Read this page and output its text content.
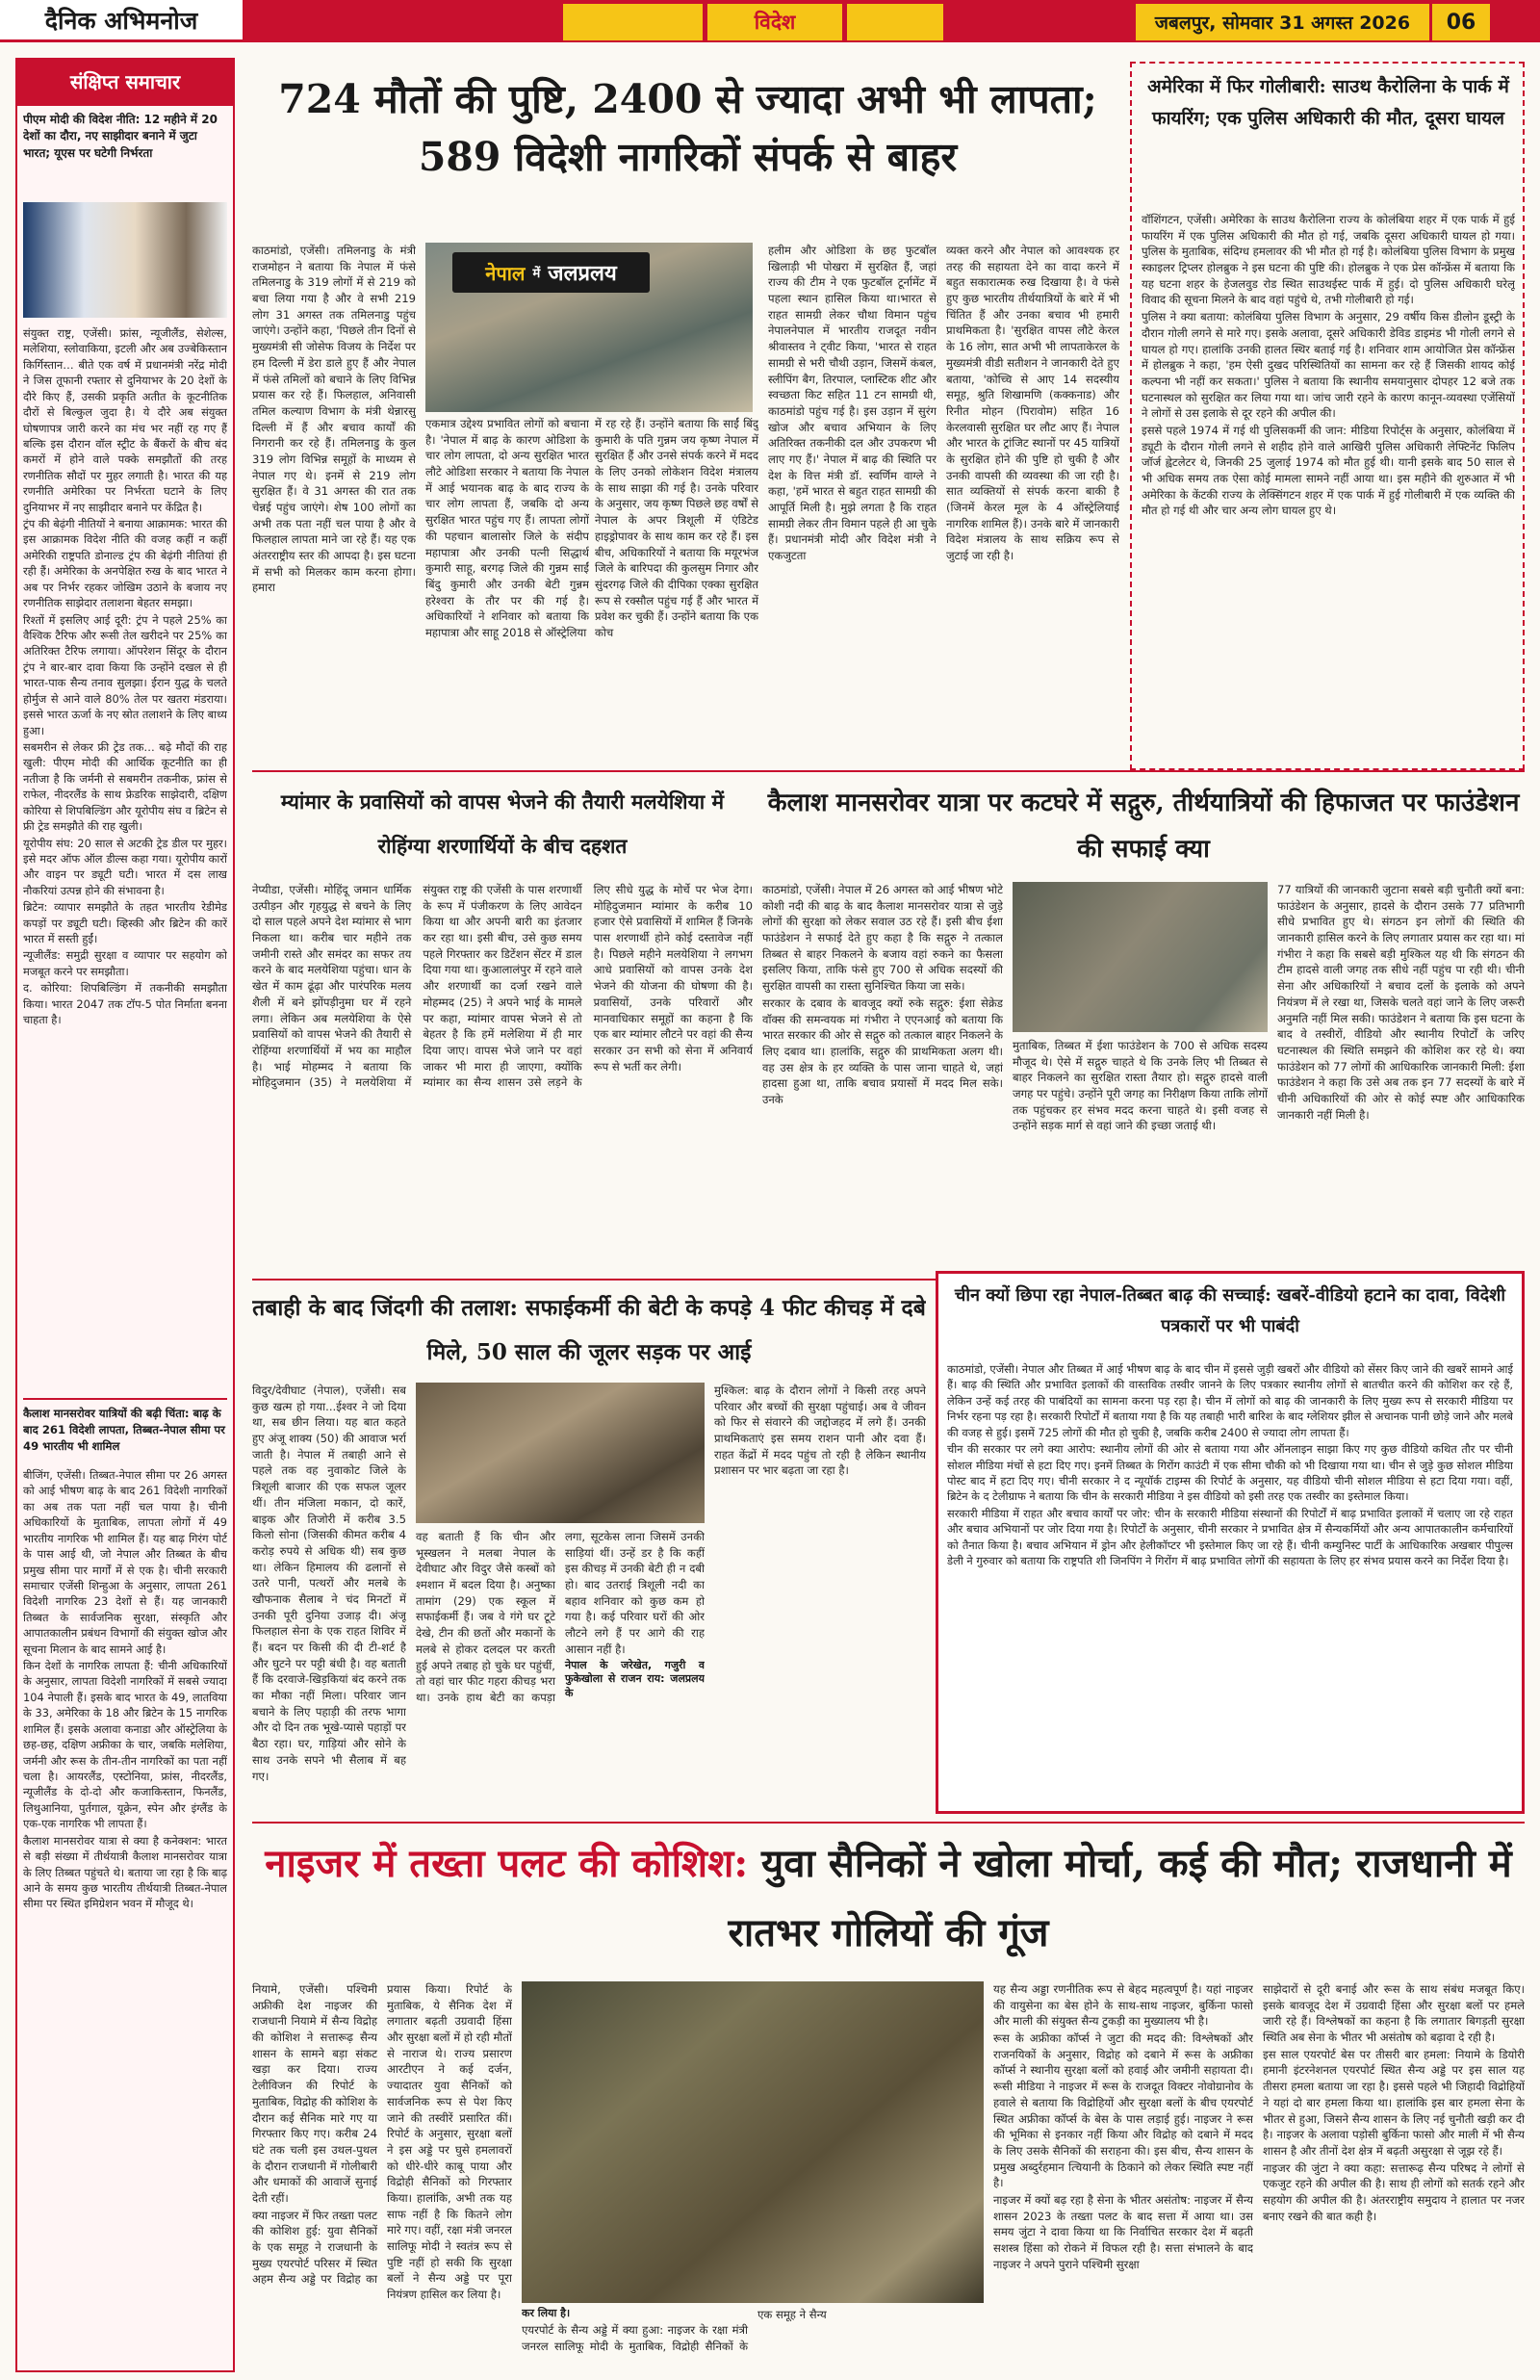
दैनिक अभिमनोज	विदेश	जबलपुर, सोमवार 31 अगस्त 2026 06
संक्षिप्त समाचार
पीएम मोदी की विदेश नीति: 12 महीने में 20 देशों का दौरा, नए साझीदार बनाने में जुटा भारत; यूएस पर घटेगी निर्भरता

संयुक्त राष्ट्र, एजेंसी। फ्रांस, न्यूजीलैंड, सेशेल्स, मलेशिया, स्लोवाकिया, इटली और अब उज्बेकिस्तान किर्गिस्तान… बीते एक वर्ष में प्रधानमंत्री नरेंद्र मोदी ने जिस तूफानी रफ्तार से दुनियाभर के 20 देशों के दौरे किए हैं, उसकी प्रकृति अतीत के कूटनीतिक दौरों से बिल्कुल जुदा है। ये दौरे अब संयुक्त घोषणापत्र जारी करने का मंच भर नहीं रह गए हैं बल्कि इस दौरान वॉल स्ट्रीट के बैंकरों के बीच बंद कमरों में होने वाले पक्के समझौतों की तरह रणनीतिक सौदों पर मुहर लगाती है। भारत की यह रणनीति अमेरिका पर निर्भरता घटाने के लिए दुनियाभर में नए साझीदार बनाने पर केंद्रित है।

ट्रंप की बेढ़ंगी नीतियों ने बनाया आक्रामक: भारत की इस आक्रामक विदेश नीति की वजह कहीं न कहीं अमेरिकी राष्ट्रपति डोनाल्ड ट्रंप की बेढ़ंगी नीतियां ही रही हैं। अमेरिका के अनपेक्षित रुख के बाद भारत ने अब पर निर्भर रहकर जोखिम उठाने के बजाय नए रणनीतिक साझेदार तलाशना बेहतर समझा।

रिश्तों में इसलिए आई दूरी: ट्रंप ने पहले 25% का वैश्विक टैरिफ और रूसी तेल खरीदने पर 25% का अतिरिक्त टैरिफ लगाया। ऑपरेशन सिंदूर के दौरान ट्रंप ने बार-बार दावा किया कि उन्होंने दखल से ही भारत-पाक सैन्य तनाव सुलझा। ईरान युद्ध के चलते होर्मुज से आने वाले 80% तेल पर खतरा मंडराया। इससे भारत ऊर्जा के नए स्रोत तलाशने के लिए बाध्य हुआ।

सबमरीन से लेकर फ्री ट्रेड तक… बढ़े मौदों की राह खुली: पीएम मोदी की आर्थिक कूटनीति का ही नतीजा है कि जर्मनी से सबमरीन तकनीक, फ्रांस से राफेल, नीदरलैंड के साथ फ्रेडरिक साझेदारी, दक्षिण कोरिया से शिपबिल्डिंग और यूरोपीय संघ व ब्रिटेन से फ्री ट्रेड समझौते की राह खुली।

यूरोपीय संघ: 20 साल से अटकी ट्रेड डील पर मुहर। इसे मदर ऑफ ऑल डील्स कहा गया। यूरोपीय कारों और वाइन पर ड्यूटी घटी। भारत में दस लाख नौकरियां उत्पन्न होने की संभावना है।

ब्रिटेन: व्यापार समझौते के तहत भारतीय रेडीमेड कपड़ों पर ड्यूटी घटी। व्हिस्की और ब्रिटेन की कारें भारत में सस्ती हुईं।

न्यूजीलैंड: समुद्री सुरक्षा व व्यापार पर सहयोग को मजबूत करने पर समझौता।

द. कोरिया: शिपबिल्डिंग में तकनीकी समझौता किया। भारत 2047 तक टॉप-5 पोत निर्माता बनना चाहता है।

कैलाश मानसरोवर यात्रियों की बढ़ी चिंता: बाढ़ के बाद 261 विदेशी लापता, तिब्बत-नेपाल सीमा पर 49 भारतीय भी शामिल

बीजिंग, एजेंसी। तिब्बत-नेपाल सीमा पर 26 अगस्त को आई भीषण बाढ़ के बाद 261 विदेशी नागरिकों का अब तक पता नहीं चल पाया है। चीनी अधिकारियों के मुताबिक, लापता लोगों में 49 भारतीय नागरिक भी शामिल हैं। यह बाढ़ गिरंग पोर्ट के पास आई थी, जो नेपाल और तिब्बत के बीच प्रमुख सीमा पार मार्गों में से एक है। चीनी सरकारी समाचार एजेंसी शिन्हुआ के अनुसार, लापता 261 विदेशी नागरिक 23 देशों से हैं। यह जानकारी तिब्बत के सार्वजनिक सुरक्षा, संस्कृति और आपातकालीन प्रबंधन विभागों की संयुक्त खोज और सूचना मिलान के बाद सामने आई है।

किन देशों के नागरिक लापता हैं: चीनी अधिकारियों के अनुसार, लापता विदेशी नागरिकों में सबसे ज्यादा 104 नेपाली हैं। इसके बाद भारत के 49, लातविया के 33, अमेरिका के 18 और ब्रिटेन के 15 नागरिक शामिल हैं। इसके अलावा कनाडा और ऑस्ट्रेलिया के छह-छह, दक्षिण अफ्रीका के चार, जबकि मलेशिया, जर्मनी और रूस के तीन-तीन नागरिकों का पता नहीं चला है। आयरलैंड, एस्टोनिया, फ्रांस, नीदरलैंड, न्यूजीलैंड के दो-दो और कजाकिस्तान, फिनलैंड, लिथुआनिया, पुर्तगाल, यूक्रेन, स्पेन और इंग्लैंड के एक-एक नागरिक भी लापता हैं।

कैलाश मानसरोवर यात्रा से क्या है कनेक्शन: भारत से बड़ी संख्या में तीर्थयात्री कैलाश मानसरोवर यात्रा के लिए तिब्बत पहुंचते थे। बताया जा रहा है कि बाढ़ आने के समय कुछ भारतीय तीर्थयात्री तिब्बत-नेपाल सीमा पर स्थित इमिग्रेशन भवन में मौजूद थे।

724 मौतों की पुष्टि, 2400 से ज्यादा अभी भी लापता; 589 विदेशी नागरिकों संपर्क से बाहर
काठमांडो, एजेंसी। तमिलनाडु के मंत्री राजमोहन ने बताया कि नेपाल में फंसे तमिलनाडु के 319 लोगों में से 219 को बचा लिया गया है और वे सभी 219 लोग 31 अगस्त तक तमिलनाडु पहुंच जाएंगे। उन्होंने कहा, 'पिछले तीन दिनों से मुख्यमंत्री सी जोसेफ विजय के निर्देश पर हम दिल्ली में डेरा डाले हुए हैं और नेपाल में फंसे तमिलों को बचाने के लिए विभिन्न प्रयास कर रहे हैं। फिलहाल, अनिवासी तमिल कल्याण विभाग के मंत्री थेन्नारसु दिल्ली में हैं और बचाव कार्यों की निगरानी कर रहे हैं। तमिलनाडु के कुल 319 लोग विभिन्न समूहों के माध्यम से नेपाल गए थे। इनमें से 219 लोग सुरक्षित हैं। वे 31 अगस्त की रात तक चेन्नई पहुंच जाएंगे। शेष 100 लोगों का अभी तक पता नहीं चल पाया है और वे फिलहाल लापता माने जा रहे हैं। यह एक अंतरराष्ट्रीय स्तर की आपदा है। इस घटना में सभी को मिलकर काम करना होगा। हमारा
नेपाल में जलप्रलय
एकमात्र उद्देश्य प्रभावित लोगों को बचाना है। 'नेपाल में बाढ़ के कारण ओडिशा के चार लोग लापता, दो अन्य सुरक्षित भारत लौटे ओडिशा सरकार ने बताया कि नेपाल में आई भयानक बाढ़ के बाद राज्य के चार लोग लापता हैं, जबकि दो अन्य सुरक्षित भारत पहुंच गए हैं। लापता लोगों की पहचान बालासोर जिले के संदीप महापात्रा और उनकी पत्नी सिद्धार्थ कुमारी साहू, बरगढ़ जिले की गुन्नम साईं बिंदु कुमारी और उनकी बेटी गुन्नम हरेश्वरा के तौर पर की गई है। अधिकारियों ने शनिवार को बताया कि महापात्रा और साहू 2018 से ऑस्ट्रेलिया
में रह रहे हैं। उन्होंने बताया कि साईं बिंदु कुमारी के पति गुन्नम जय कृष्ण नेपाल में सुरक्षित हैं और उनसे संपर्क करने में मदद के लिए उनको लोकेशन विदेश मंत्रालय के साथ साझा की गई है। उनके परिवार के अनुसार, जय कृष्ण पिछले छह वर्षों से नेपाल के अपर त्रिशूली में एंडिटेड हाइड्रोपावर के साथ काम कर रहे हैं। इस बीच, अधिकारियों ने बताया कि मयूरभंज जिले के बारिपदा की कुलसुम निगार और सुंदरगढ़ जिले की दीपिका एक्का सुरक्षित रूप से रक्सौल पहुंच गई हैं और भारत में प्रवेश कर चुकी हैं। उन्होंने बताया कि एक कोच
हलीम और ओडिशा के छह फुटबॉल खिलाड़ी भी पोखरा में सुरक्षित हैं, जहां राज्य की टीम ने एक फुटबॉल टूर्नामेंट में पहला स्थान हासिल किया था।भारत से राहत सामग्री लेकर चौथा विमान पहुंच नेपालनेपाल में भारतीय राजदूत नवीन श्रीवास्तव ने ट्वीट किया, 'भारत से राहत सामग्री से भरी चौथी उड़ान, जिसमें कंबल, स्लीपिंग बैग, तिरपाल, प्लास्टिक शीट और स्वच्छता किट सहित 11 टन सामग्री थी, काठमांडो पहुंच गई है। इस उड़ान में सुरंग खोज और बचाव अभियान के लिए अतिरिक्त तकनीकी दल और उपकरण भी लाए गए हैं।' नेपाल में बाढ़ की स्थिति पर देश के वित्त मंत्री डॉ. स्वर्णिम वाग्ले ने कहा, 'हमें भारत से बहुत राहत सामग्री की आपूर्ति मिली है। मुझे लगता है कि राहत सामग्री लेकर तीन विमान पहले ही आ चुके हैं। प्रधानमंत्री मोदी और विदेश मंत्री ने एकजुटता
व्यक्त करने और नेपाल को आवश्यक हर तरह की सहायता देने का वादा करने में बहुत सकारात्मक रुख दिखाया है। वे फंसे हुए कुछ भारतीय तीर्थयात्रियों के बारे में भी चिंतित हैं और उनका बचाव भी हमारी प्राथमिकता है। 'सुरक्षित वापस लौटे केरल के 16 लोग, सात अभी भी लापताकेरल के मुख्यमंत्री वीडी सतीशन ने जानकारी देते हुए बताया, 'कोच्चि से आए 14 सदस्यीय समूह, श्रुति शिखामणि (कक्कनाड) और रिनीत मोहन (पिरावोम) सहित 16 केरलवासी सुरक्षित घर लौट आए हैं। नेपाल और भारत के ट्रांजिट स्थानों पर 45 यात्रियों के सुरक्षित होने की पुष्टि हो चुकी है और उनकी वापसी की व्यवस्था की जा रही है। सात व्यक्तियों से संपर्क करना बाकी है (जिनमें केरल मूल के 4 ऑस्ट्रेलियाई नागरिक शामिल हैं)। उनके बारे में जानकारी विदेश मंत्रालय के साथ सक्रिय रूप से जुटाई जा रही है।
अमेरिका में फिर गोलीबारी: साउथ कैरोलिना के पार्क में फायरिंग; एक पुलिस अधिकारी की मौत, दूसरा घायल

वॉशिंगटन, एजेंसी। अमेरिका के साउथ कैरोलिना राज्य के कोलंबिया शहर में एक पार्क में हुई फायरिंग में एक पुलिस अधिकारी की मौत हो गई, जबकि दूसरा अधिकारी घायल हो गया। पुलिस के मुताबिक, संदिग्ध हमलावर की भी मौत हो गई है। कोलंबिया पुलिस विभाग के प्रमुख स्काइलर ट्रिप्लर होलब्रुक ने इस घटना की पुष्टि की। होलब्रुक ने एक प्रेस कॉन्फ्रेंस में बताया कि यह घटना शहर के हेजलवुड रोड स्थित साउथईस्ट पार्क में हुई। दो पुलिस अधिकारी घरेलू विवाद की सूचना मिलने के बाद वहां पहुंचे थे, तभी गोलीबारी हो गई।

पुलिस ने क्या बताया: कोलंबिया पुलिस विभाग के अनुसार, 29 वर्षीय किस डीलोन डूस्ट्री के दौरान गोली लगने से मारे गए। इसके अलावा, दूसरे अधिकारी डेविड डाइमंड भी गोली लगने से घायल हो गए। हालांकि उनकी हालत स्थिर बताई गई है। शनिवार शाम आयोजित प्रेस कॉन्फ्रेंस में होलब्रुक ने कहा, 'हम ऐसी दुखद परिस्थितियों का सामना कर रहे हैं जिसकी शायद कोई कल्पना भी नहीं कर सकता।' पुलिस ने बताया कि स्थानीय समयानुसार दोपहर 12 बजे तक घटनास्थल को सुरक्षित कर लिया गया था। जांच जारी रहने के कारण कानून-व्यवस्था एजेंसियों ने लोगों से उस इलाके से दूर रहने की अपील की।

इससे पहले 1974 में गई थी पुलिसकर्मी की जान: मीडिया रिपोर्ट्स के अनुसार, कोलंबिया में ड्यूटी के दौरान गोली लगने से शहीद होने वाले आखिरी पुलिस अधिकारी लेफ्टिनेंट फिलिप जॉर्ज ह्वेटलेटर थे, जिनकी 25 जुलाई 1974 को मौत हुई थी। यानी इसके बाद 50 साल से भी अधिक समय तक ऐसा कोई मामला सामने नहीं आया था। इस महीने की शुरुआत में भी अमेरिका के केंटकी राज्य के लेक्सिंगटन शहर में एक पार्क में हुई गोलीबारी में एक व्यक्ति की मौत हो गई थी और चार अन्य लोग घायल हुए थे।

म्यांमार के प्रवासियों को वापस भेजने की तैयारी मलयेशिया में रोहिंग्या शरणार्थियों के बीच दहशत
नेप्यीडा, एजेंसी। मोहिंदू जमान धार्मिक उत्पीड़न और गृहयुद्ध से बचने के लिए दो साल पहले अपने देश म्यांमार से भाग निकला था। करीब चार महीने तक जमीनी रास्ते और समंदर का सफर तय करने के बाद मलयेशिया पहुंचा। धान के खेत में काम ढूंढ़ा और पारंपरिक मलय शैली में बने झोंपड़ीनुमा घर में रहने लगा। लेकिन अब मलयेशिया के ऐसे प्रवासियों को वापस भेजने की तैयारी से रोहिंग्या शरणार्थियों में भय का माहौल है। भाई मोहम्मद ने बताया कि मोहिदुजमान (35) ने मलयेशिया में संयुक्त राष्ट्र की एजेंसी के पास शरणार्थी के रूप में पंजीकरण के लिए आवेदन किया था और अपनी बारी का इंतजार कर रहा था। इसी बीच, उसे कुछ समय पहले गिरफ्तार कर डिटेंशन सेंटर में डाल दिया गया था। कुआलालंपुर में रहने वाले और शरणार्थी का दर्जा रखने वाले मोहम्मद (25) ने अपने भाई के मामले पर कहा, म्यांमार वापस भेजने से तो बेहतर है कि हमें मलेशिया में ही मार दिया जाए। वापस भेजे जाने पर वहां जाकर भी मारा ही जाएगा, क्योंकि म्यांमार का सैन्य शासन उसे लड़ने के लिए सीधे युद्ध के मोर्चे पर भेज देगा। मोहिदुजमान म्यांमार के करीब 10 हजार ऐसे प्रवासियों में शामिल हैं जिनके पास शरणार्थी होने कोई दस्तावेज नहीं है। पिछले महीने मलयेशिया ने लगभग आधे प्रवासियों को वापस उनके देश भेजने की योजना की घोषणा की है। प्रवासियों, उनके परिवारों और मानवाधिकार समूहों का कहना है कि एक बार म्यांमार लौटने पर वहां की सैन्य सरकार उन सभी को सेना में अनिवार्य रूप से भर्ती कर लेगी।
कैलाश मानसरोवर यात्रा पर कटघरे में सद्गुरु, तीर्थयात्रियों की हिफाजत पर फाउंडेशन की सफाई क्या

काठमांडो, एजेंसी। नेपाल में 26 अगस्त को आई भीषण भोटे कोशी नदी की बाढ़ के बाद कैलाश मानसरोवर यात्रा से जुड़े लोगों की सुरक्षा को लेकर सवाल उठ रहे हैं। इसी बीच ईशा फाउंडेशन ने सफाई देते हुए कहा है कि सद्गुरु ने तत्काल तिब्बत से बाहर निकलने के बजाय वहां रुकने का फैसला इसलिए किया, ताकि फंसे हुए 700 से अधिक सदस्यों की सुरक्षित वापसी का रास्ता सुनिश्चित किया जा सके।

सरकार के दबाव के बावजूद क्यों रुके सद्गुरु: ईशा सेक्रेड वॉक्स की समन्वयक मां गंभीरा ने एएनआई को बताया कि भारत सरकार की ओर से सद्गुरु को तत्काल बाहर निकलने के लिए दबाव था। हालांकि, सद्गुरु की प्राथमिकता अलग थी। वह उस क्षेत्र के हर व्यक्ति के पास जाना चाहते थे, जहां हादसा हुआ था, ताकि बचाव प्रयासों में मदद मिल सके। उनके

मुताबिक, तिब्बत में ईशा फाउंडेशन के 700 से अधिक सदस्य मौजूद थे। ऐसे में सद्गुरु चाहते थे कि उनके लिए भी तिब्बत से बाहर निकलने का सुरक्षित रास्ता तैयार हो। सद्गुरु हादसे वाली जगह पर पहुंचे। उन्होंने पूरी जगह का निरीक्षण किया ताकि लोगों तक पहुंचकर हर संभव मदद करना चाहते थे। इसी वजह से उन्होंने सड़क मार्ग से वहां जाने की इच्छा जताई थी।
77 यात्रियों की जानकारी जुटाना सबसे बड़ी चुनौती क्यों बना: फाउंडेशन के अनुसार, हादसे के दौरान उसके 77 प्रतिभागी सीधे प्रभावित हुए थे। संगठन इन लोगों की स्थिति की जानकारी हासिल करने के लिए लगातार प्रयास कर रहा था। मां गंभीरा ने कहा कि सबसे बड़ी मुश्किल यह थी कि संगठन की टीम हादसे वाली जगह तक सीधे नहीं पहुंच पा रही थी। चीनी सेना और अधिकारियों ने बचाव दलों के इलाके को अपने नियंत्रण में ले रखा था, जिसके चलते वहां जाने के लिए जरूरी अनुमति नहीं मिल सकी। फाउंडेशन ने बताया कि इस घटना के बाद वे तस्वीरों, वीडियो और स्थानीय रिपोर्टों के जरिए घटनास्थल की स्थिति समझने की कोशिश कर रहे थे। क्या फाउंडेशन को 77 लोगों की आधिकारिक जानकारी मिली: ईशा फाउंडेशन ने कहा कि उसे अब तक इन 77 सदस्यों के बारे में चीनी अधिकारियों की ओर से कोई स्पष्ट और आधिकारिक जानकारी नहीं मिली है।
तबाही के बाद जिंदगी की तलाश: सफाईकर्मी की बेटी के कपड़े 4 फीट कीचड़ में दबे मिले, 50 साल की जूलर सड़क पर आई
विदुर/देवीघाट (नेपाल), एजेंसी। सब कुछ खत्म हो गया...ईश्वर ने जो दिया था, सब छीन लिया। यह बात कहते हुए अंजू शाक्य (50) की आवाज भर्रा जाती है। नेपाल में तबाही आने से पहले तक वह नुवाकोट जिले के त्रिशूली बाजार की एक सफल जूलर थीं। तीन मंजिला मकान, दो कारें, बाइक और तिजोरी में करीब 3.5 किलो सोना (जिसकी कीमत करीब 4 करोड़ रुपये से अधिक थी) सब कुछ था। लेकिन हिमालय की ढलानों से उतरे पानी, पत्थरों और मलबे के खौफनाक सैलाब ने चंद मिनटों में उनकी पूरी दुनिया उजाड़ दी। अंजू फिलहाल सेना के एक राहत शिविर में हैं। बदन पर किसी की दी टी-शर्ट है और घुटने पर पट्टी बंधी है। वह बताती हैं कि दरवाजे-खिड़कियां बंद करने तक का मौका नहीं मिला। परिवार जान बचाने के लिए पहाड़ी की तरफ भागा और दो दिन तक भूखे-प्यासे पहाड़ों पर बैठा रहा। घर, गाड़ियां और सोने के साथ उनके सपने भी सैलाब में बह गए।

वह बताती हैं कि चीन और भूस्खलन ने मलबा नेपाल के देवीघाट और विदुर जैसे कस्बों को श्मशान में बदल दिया है। अनुष्का तामांग (29) एक स्कूल में सफाईकर्मी हैं। जब वे गंगे घर टूटे देखे, टीन की छतों और मकानों के मलबे से होकर दलदल पर करती हुई अपने तबाह हो चुके घर पहुंचीं, तो वहां चार फीट गहरा कीचड़ भरा था। उनके हाथ बेटी का कपड़ा लगा, सूटकेस लाना जिसमें उनकी साड़ियां थीं। उन्हें डर है कि कहीं इस कीचड़ में उनकी बेटी ही न दबी हो। बाद उतराई त्रिशूली नदी का बहाव शनिवार को कुछ कम हो गया है। कई परिवार घरों की ओर लौटने लगे हैं पर आगे की राह आसान नहीं है।

नेपाल के जरेखेत, गजुरी व फुकेखोला से राजन राय: जलप्रलय के

मुश्किल: बाढ़ के दौरान लोगों ने किसी तरह अपने परिवार और बच्चों की सुरक्षा पहुंचाई। अब वे जीवन को फिर से संवारने की जद्दोजहद में लगे हैं। उनकी प्राथमिकताएं इस समय राशन पानी और दवा हैं। राहत केंद्रों में मदद पहुंच तो रही है लेकिन स्थानीय प्रशासन पर भार बढ़ता जा रहा है।
चीन क्यों छिपा रहा नेपाल-तिब्बत बाढ़ की सच्चाई: खबरें-वीडियो हटाने का दावा, विदेशी पत्रकारों पर भी पाबंदी

काठमांडो, एजेंसी। नेपाल और तिब्बत में आई भीषण बाढ़ के बाद चीन में इससे जुड़ी खबरों और वीडियो को सेंसर किए जाने की खबरें सामने आई हैं। बाढ़ की स्थिति और प्रभावित इलाकों की वास्तविक तस्वीर जानने के लिए पत्रकार स्थानीय लोगों से बातचीत करने की कोशिश कर रहे हैं, लेकिन उन्हें कई तरह की पाबंदियों का सामना करना पड़ रहा है। चीन में लोगों को बाढ़ की जानकारी के लिए मुख्य रूप से सरकारी मीडिया पर निर्भर रहना पड़ रहा है। सरकारी रिपोर्टों में बताया गया है कि यह तबाही भारी बारिश के बाद ग्लेशियर झील से अचानक पानी छोड़े जाने और मलबे की वजह से हुई। इसमें 725 लोगों की मौत हो चुकी है, जबकि करीब 2400 से ज्यादा लोग लापता हैं।

चीन की सरकार पर लगे क्या आरोप: स्थानीय लोगों की ओर से बताया गया और ऑनलाइन साझा किए गए कुछ वीडियो कथित तौर पर चीनी सोशल मीडिया मंचों से हटा दिए गए। इनमें तिब्बत के गिरोंग काउंटी में एक सीमा चौकी को भी दिखाया गया था। चीन से जुड़े कुछ सोशल मीडिया पोस्ट बाद में हटा दिए गए। चीनी सरकार ने द न्यूयॉर्क टाइम्स की रिपोर्ट के अनुसार, यह वीडियो चीनी सोशल मीडिया से हटा दिया गया। वहीं, ब्रिटेन के द टेलीग्राफ ने बताया कि चीन के सरकारी मीडिया ने इस वीडियो को इसी तरह एक तस्वीर का इस्तेमाल किया।

सरकारी मीडिया में राहत और बचाव कार्यों पर जोर: चीन के सरकारी मीडिया संस्थानों की रिपोर्टों में बाढ़ प्रभावित इलाकों में चलाए जा रहे राहत और बचाव अभियानों पर जोर दिया गया है। रिपोर्टों के अनुसार, चीनी सरकार ने प्रभावित क्षेत्र में सैन्यकर्मियों और अन्य आपातकालीन कर्मचारियों को तैनात किया है। बचाव अभियान में ड्रोन और हेलीकॉप्टर भी इस्तेमाल किए जा रहे हैं। चीनी कम्युनिस्ट पार्टी के आधिकारिक अखबार पीपुल्स डेली ने गुरुवार को बताया कि राष्ट्रपति शी जिनपिंग ने गिरोंग में बाढ़ प्रभावित लोगों की सहायता के लिए हर संभव प्रयास करने का निर्देश दिया है।

नाइजर में तख्ता पलट की कोशिश: युवा सैनिकों ने खोला मोर्चा, कई की मौत; राजधानी में रातभर गोलियों की गूंज

नियामे, एजेंसी। पश्चिमी अफ्रीकी देश नाइजर की राजधानी नियामे में सैन्य विद्रोह की कोशिश ने सत्तारूढ़ सैन्य शासन के सामने बड़ा संकट खड़ा कर दिया। राज्य टेलीविजन की रिपोर्ट के मुताबिक, विद्रोह की कोशिश के दौरान कई सैनिक मारे गए या गिरफ्तार किए गए। करीब 24 घंटे तक चली इस उथल-पुथल के दौरान राजधानी में गोलीबारी और धमाकों की आवाजें सुनाई देती रहीं।

क्या नाइजर में फिर तख्ता पलट की कोशिश हुई: युवा सैनिकों के एक समूह ने राजधानी के मुख्य एयरपोर्ट परिसर में स्थित अहम सैन्य अड्डे पर विद्रोह का प्रयास किया। रिपोर्ट के मुताबिक, ये सैनिक देश में लगातार बढ़ती उग्रवादी हिंसा और सुरक्षा बलों में हो रही मौतों से नाराज थे। राज्य प्रसारण आरटीएन ने कई दर्जन, ज्यादातर युवा सैनिकों को सार्वजनिक रूप से पेश किए जाने की तस्वीरें प्रसारित कीं। रिपोर्ट के अनुसार, सुरक्षा बलों ने इस अड्डे पर घुसे हमलावरों को धीरे-धीरे काबू पाया और विद्रोही सैनिकों को गिरफ्तार किया। हालांकि, अभी तक यह साफ नहीं है कि कितने लोग मारे गए। वहीं, रक्षा मंत्री जनरल सालिफू मोदी ने स्वतंत्र रूप से पुष्टि नहीं हो सकी कि सुरक्षा बलों ने सैन्य अड्डे पर पूरा नियंत्रण हासिल कर लिया है।

कर लिया है।

एयरपोर्ट के सैन्य अड्डे में क्या हुआ: नाइजर के रक्षा मंत्री जनरल सालिफू मोदी के मुताबिक, विद्रोही सैनिकों के एक समूह ने सैन्य

यह सैन्य अड्डा रणनीतिक रूप से बेहद महत्वपूर्ण है। यहां नाइजर की वायुसेना का बेस होने के साथ-साथ नाइजर, बुर्किना फासो और माली की संयुक्त सैन्य टुकड़ी का मुख्यालय भी है।

रूस के अफ्रीका कॉर्प्स ने जुटा की मदद की: विश्लेषकों और राजनयिकों के अनुसार, विद्रोह को दबाने में रूस के अफ्रीका कॉर्प्स ने स्थानीय सुरक्षा बलों को हवाई और जमीनी सहायता दी। रूसी मीडिया ने नाइजर में रूस के राजदूत विक्टर नोवोग्रानोव के हवाले से बताया कि विद्रोहियों और सुरक्षा बलों के बीच एयरपोर्ट स्थित अफ्रीका कॉर्प्स के बेस के पास लड़ाई हुई। नाइजर ने रूस की भूमिका से इनकार नहीं किया और विद्रोह को दबाने में मदद के लिए उसके सैनिकों की सराहना की। इस बीच, सैन्य शासन के प्रमुख अब्दुर्रहमान त्चियानी के ठिकाने को लेकर स्थिति स्पष्ट नहीं है।

नाइजर में क्यों बढ़ रहा है सेना के भीतर असंतोष: नाइजर में सैन्य शासन 2023 के तख्ता पलट के बाद सत्ता में आया था। उस समय जुंटा ने दावा किया था कि निर्वाचित सरकार देश में बढ़ती सशस्त्र हिंसा को रोकने में विफल रही है। सत्ता संभालने के बाद नाइजर ने अपने पुराने पश्चिमी सुरक्षा

साझेदारों से दूरी बनाई और रूस के साथ संबंध मजबूत किए। इसके बावजूद देश में उग्रवादी हिंसा और सुरक्षा बलों पर हमले जारी रहे हैं। विश्लेषकों का कहना है कि लगातार बिगड़ती सुरक्षा स्थिति अब सेना के भीतर भी असंतोष को बढ़ावा दे रही है।

इस साल एयरपोर्ट बेस पर तीसरी बार हमला: नियामे के डियोरी हमानी इंटरनेशनल एयरपोर्ट स्थित सैन्य अड्डे पर इस साल यह तीसरा हमला बताया जा रहा है। इससे पहले भी जिहादी विद्रोहियों ने यहां दो बार हमला किया था। हालांकि इस बार हमला सेना के भीतर से हुआ, जिसने सैन्य शासन के लिए नई चुनौती खड़ी कर दी है। नाइजर के अलावा पड़ोसी बुर्किना फासो और माली में भी सैन्य शासन है और तीनों देश क्षेत्र में बढ़ती असुरक्षा से जूझ रहे हैं।

नाइजर की जुंटा ने क्या कहा: सत्तारूढ़ सैन्य परिषद ने लोगों से एकजुट रहने की अपील की है। साथ ही लोगों को सतर्क रहने और सहयोग की अपील की है। अंतरराष्ट्रीय समुदाय ने हालात पर नजर बनाए रखने की बात कही है।
